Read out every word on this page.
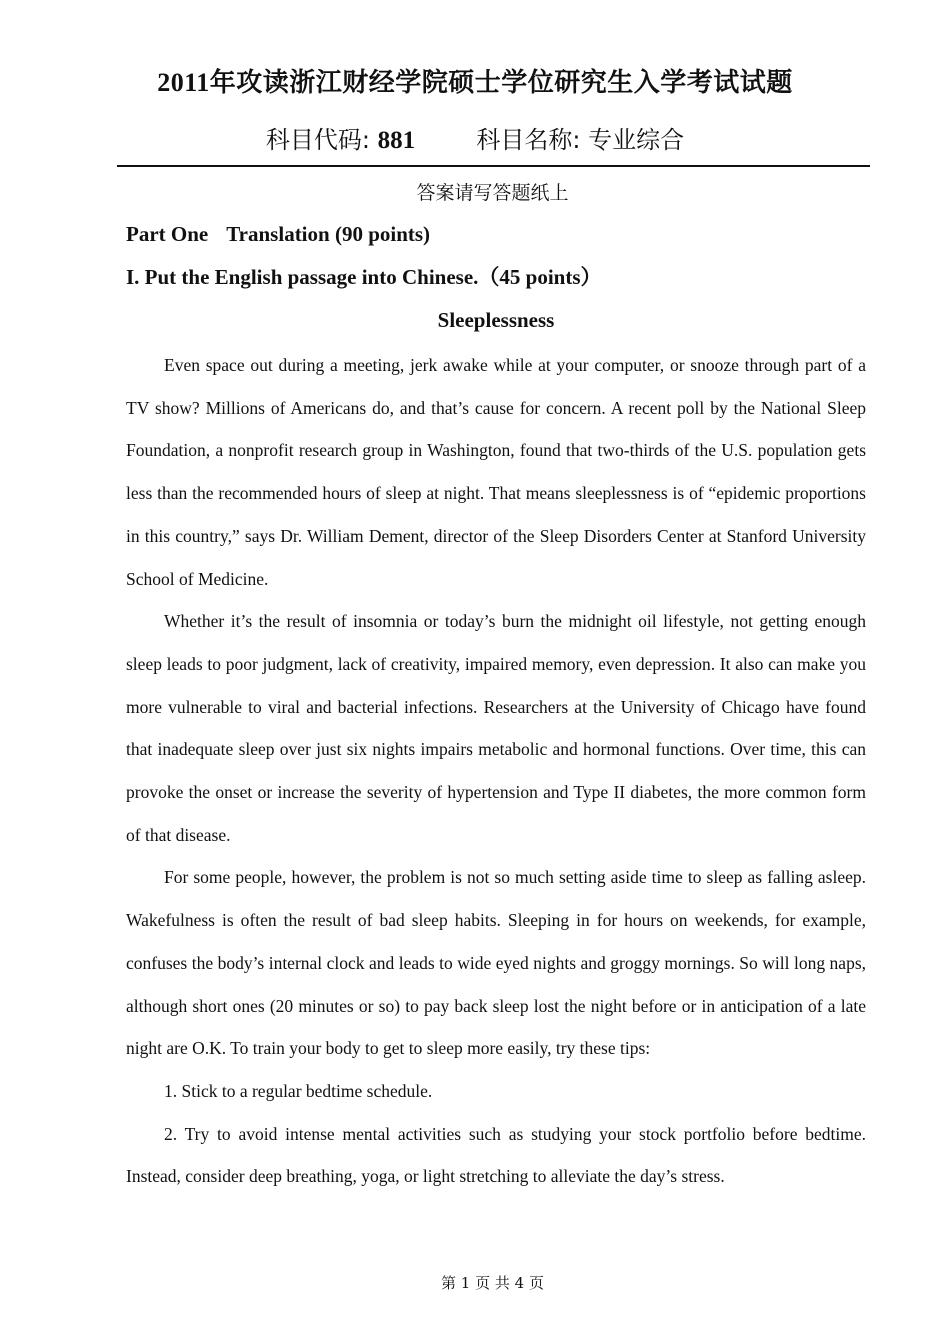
2011年攻读浙江财经学院硕士学位研究生入学考试试题
科目代码: 881	科目名称: 专业综合
答案请写答题纸上
Part One Translation (90 points)
I. Put the English passage into Chinese.（45 points）
Sleeplessness

Even space out during a meeting, jerk awake while at your computer, or snooze through part of a TV show? Millions of Americans do, and that’s cause for concern. A recent poll by the National Sleep Foundation, a nonprofit research group in Washington, found that two-thirds of the U.S. population gets less than the recommended hours of sleep at night. That means sleeplessness is of “epidemic proportions in this country,” says Dr. William Dement, director of the Sleep Disorders Center at Stanford University School of Medicine.

Whether it’s the result of insomnia or today’s burn the midnight oil lifestyle, not getting enough sleep leads to poor judgment, lack of creativity, impaired memory, even depression. It also can make you more vulnerable to viral and bacterial infections. Researchers at the University of Chicago have found that inadequate sleep over just six nights impairs metabolic and hormonal functions. Over time, this can provoke the onset or increase the severity of hypertension and Type II diabetes, the more common form of that disease.

For some people, however, the problem is not so much setting aside time to sleep as falling asleep. Wakefulness is often the result of bad sleep habits. Sleeping in for hours on weekends, for example, confuses the body’s internal clock and leads to wide eyed nights and groggy mornings. So will long naps, although short ones (20 minutes or so) to pay back sleep lost the night before or in anticipation of a late night are O.K. To train your body to get to sleep more easily, try these tips:

1. Stick to a regular bedtime schedule.

2. Try to avoid intense mental activities such as studying your stock portfolio before bedtime. Instead, consider deep breathing, yoga, or light stretching to alleviate the day’s stress.

第 1 页 共 4 页
